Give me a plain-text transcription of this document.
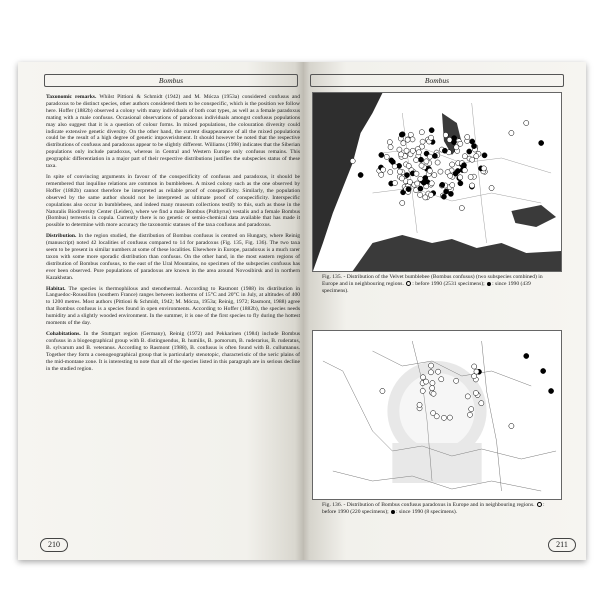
Bombus

Taxonomic remarks. Whilst Pittioni & Schmidt (1942) and M. Mócza (1953a) considered confusus and paradoxus to be distinct species, other authors considered them to be conspecific, which is the position we follow here. Hoffer (1882b) observed a colony with many individuals of both coat types, as well as a female paradoxus mating with a male confusus. Occasional observations of paradoxus individuals amongst confusus populations may also suggest that it is a question of colour forms. In mixed populations, the colouration diversity could indicate extensive genetic diversity. On the other hand, the current disappearance of all the mixed populations could be the result of a high degree of genetic impoverishment. It should however be noted that the respective distributions of confusus and paradoxus appear to be slightly different. Williams (1998) indicates that the Siberian populations only include paradoxus, whereas in Central and Western Europe only confusus remains. This geographic differentiation in a major part of their respective distributions justifies the subspecies status of these taxa.

In spite of convincing arguments in favour of the conspecificity of confusus and paradoxus, it should be remembered that inquiline relations are common in bumblebees. A mixed colony such as the one observed by Hoffer (1882b) cannot therefore be interpreted as reliable proof of conspecificity. Similarly, the population observed by the same author should not be interpreted as ultimate proof of conspecificity. Interspecific copulations also occur in bumblebees, and indeed many museum collections testify to this, such as those in the Naturalis Biodiversity Center (Leiden), where we find a male Bombus (Psithyrus) vestalis and a female Bombus (Bombus) terrestris in copula. Currently there is no genetic or semio-chemical data available that has made it possible to determine with more accuracy the taxonomic statuses of the taxa confusus and paradoxus.

Distribution. In the region studied, the distribution of Bombus confusus is centred on Hungary, where Reinig (manuscript) noted 42 localities of confusus compared to 14 for paradoxus (Fig. 135, Fig. 136). The two taxa seem to be present in similar numbers at some of these localities. Elsewhere in Europe, paradoxus is a much rarer taxon with some more sporadic distribution than confusus. On the other hand, in the most eastern regions of distribution of Bombus confusus, to the east of the Ural Mountains, no specimen of the subspecies confusus has ever been observed. Pure populations of paradoxus are known in the area around Novosibirsk and in northern Kazakhstan.

Habitat. The species is thermophilous and stenothermal. According to Rasmont (1988) its distribution in Languedoc-Roussillon (southern France) ranges between isotherms of 15°C and 20°C in July, at altitudes of 400 to 1200 metres. Most authors (Pittioni & Schmidt, 1942; M. Mócza, 1953a; Reinig, 1972; Rasmont, 1988) agree that Bombus confusus is a species found in open environments. According to Hoffer (1882b), the species needs humidity and a slightly wooded environment. In the summer, it is one of the first species to fly during the hottest moments of the day.

Cohabitations. In the Stuttgart region (Germany), Reinig (1972) and Pekkarinen (1984) include Bombus confusus in a biogeographical group with B. distinguendus, B. humilis, B. pomorum, B. ruderarius, B. ruderatus, B. sylvarum and B. veteranus. According to Rasmont (1988), B. confusus is often found with B. cullumanus. Together they form a coenogeographical group that is particularly stenotopic, characteristic of the xeric plains of the mid-montane zone. It is interesting to note that all of the species listed in this paragraph are in serious decline in the studied region.

210
Bombus
Fig. 135. - Distribution of the Velvet bumblebee (Bombus confusus) (two subspecies combined) in Europe and in neighbouring regions. : before 1990 (2531 specimens); : since 1990 (439 specimens).
Fig. 136. - Distribution of Bombus confusus paradoxus in Europe and in neighbouring regions. : before 1990 (220 specimens); : since 1990 (8 specimens).
211
